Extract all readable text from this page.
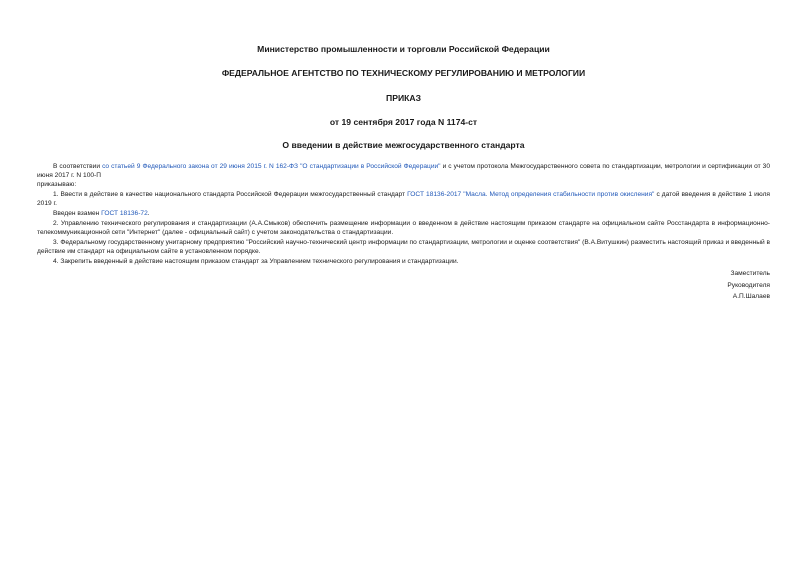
Министерство промышленности и торговли Российской Федерации

ФЕДЕРАЛЬНОЕ АГЕНТСТВО ПО ТЕХНИЧЕСКОМУ РЕГУЛИРОВАНИЮ И МЕТРОЛОГИИ

ПРИКАЗ

от 19 сентября 2017 года N 1174-ст

О введении в действие межгосударственного стандарта

В соответствии со статьей 9 Федерального закона от 29 июня 2015 г. N 162-ФЗ "О стандартизации в Российской Федерации" и с учетом протокола Межгосударственного совета по стандартизации, метрологии и сертификации от 30 июня 2017 г. N 100-П

приказываю:

1. Ввести в действие в качестве национального стандарта Российской Федерации межгосударственный стандарт ГОСТ 18136-2017 "Масла. Метод определения стабильности против окисления" с датой введения в действие 1 июля 2019 г.

Введен взамен ГОСТ 18136-72.

2. Управлению технического регулирования и стандартизации (А.А.Смыков) обеспечить размещение информации о введенном в действие настоящим приказом стандарте на официальном сайте Росстандарта в информационно-телекоммуникационной сети "Интернет" (далее - официальный сайт) с учетом законодательства о стандартизации.

3. Федеральному государственному унитарному предприятию "Российский научно-технический центр информации по стандартизации, метрологии и оценке соответствия" (В.А.Витушкин) разместить настоящий приказ и введенный в действие им стандарт на официальном сайте в установленном порядке.

4. Закрепить введенный в действие настоящим приказом стандарт за Управлением технического регулирования и стандартизации.

Заместитель

Руководителя

А.П.Шалаев
